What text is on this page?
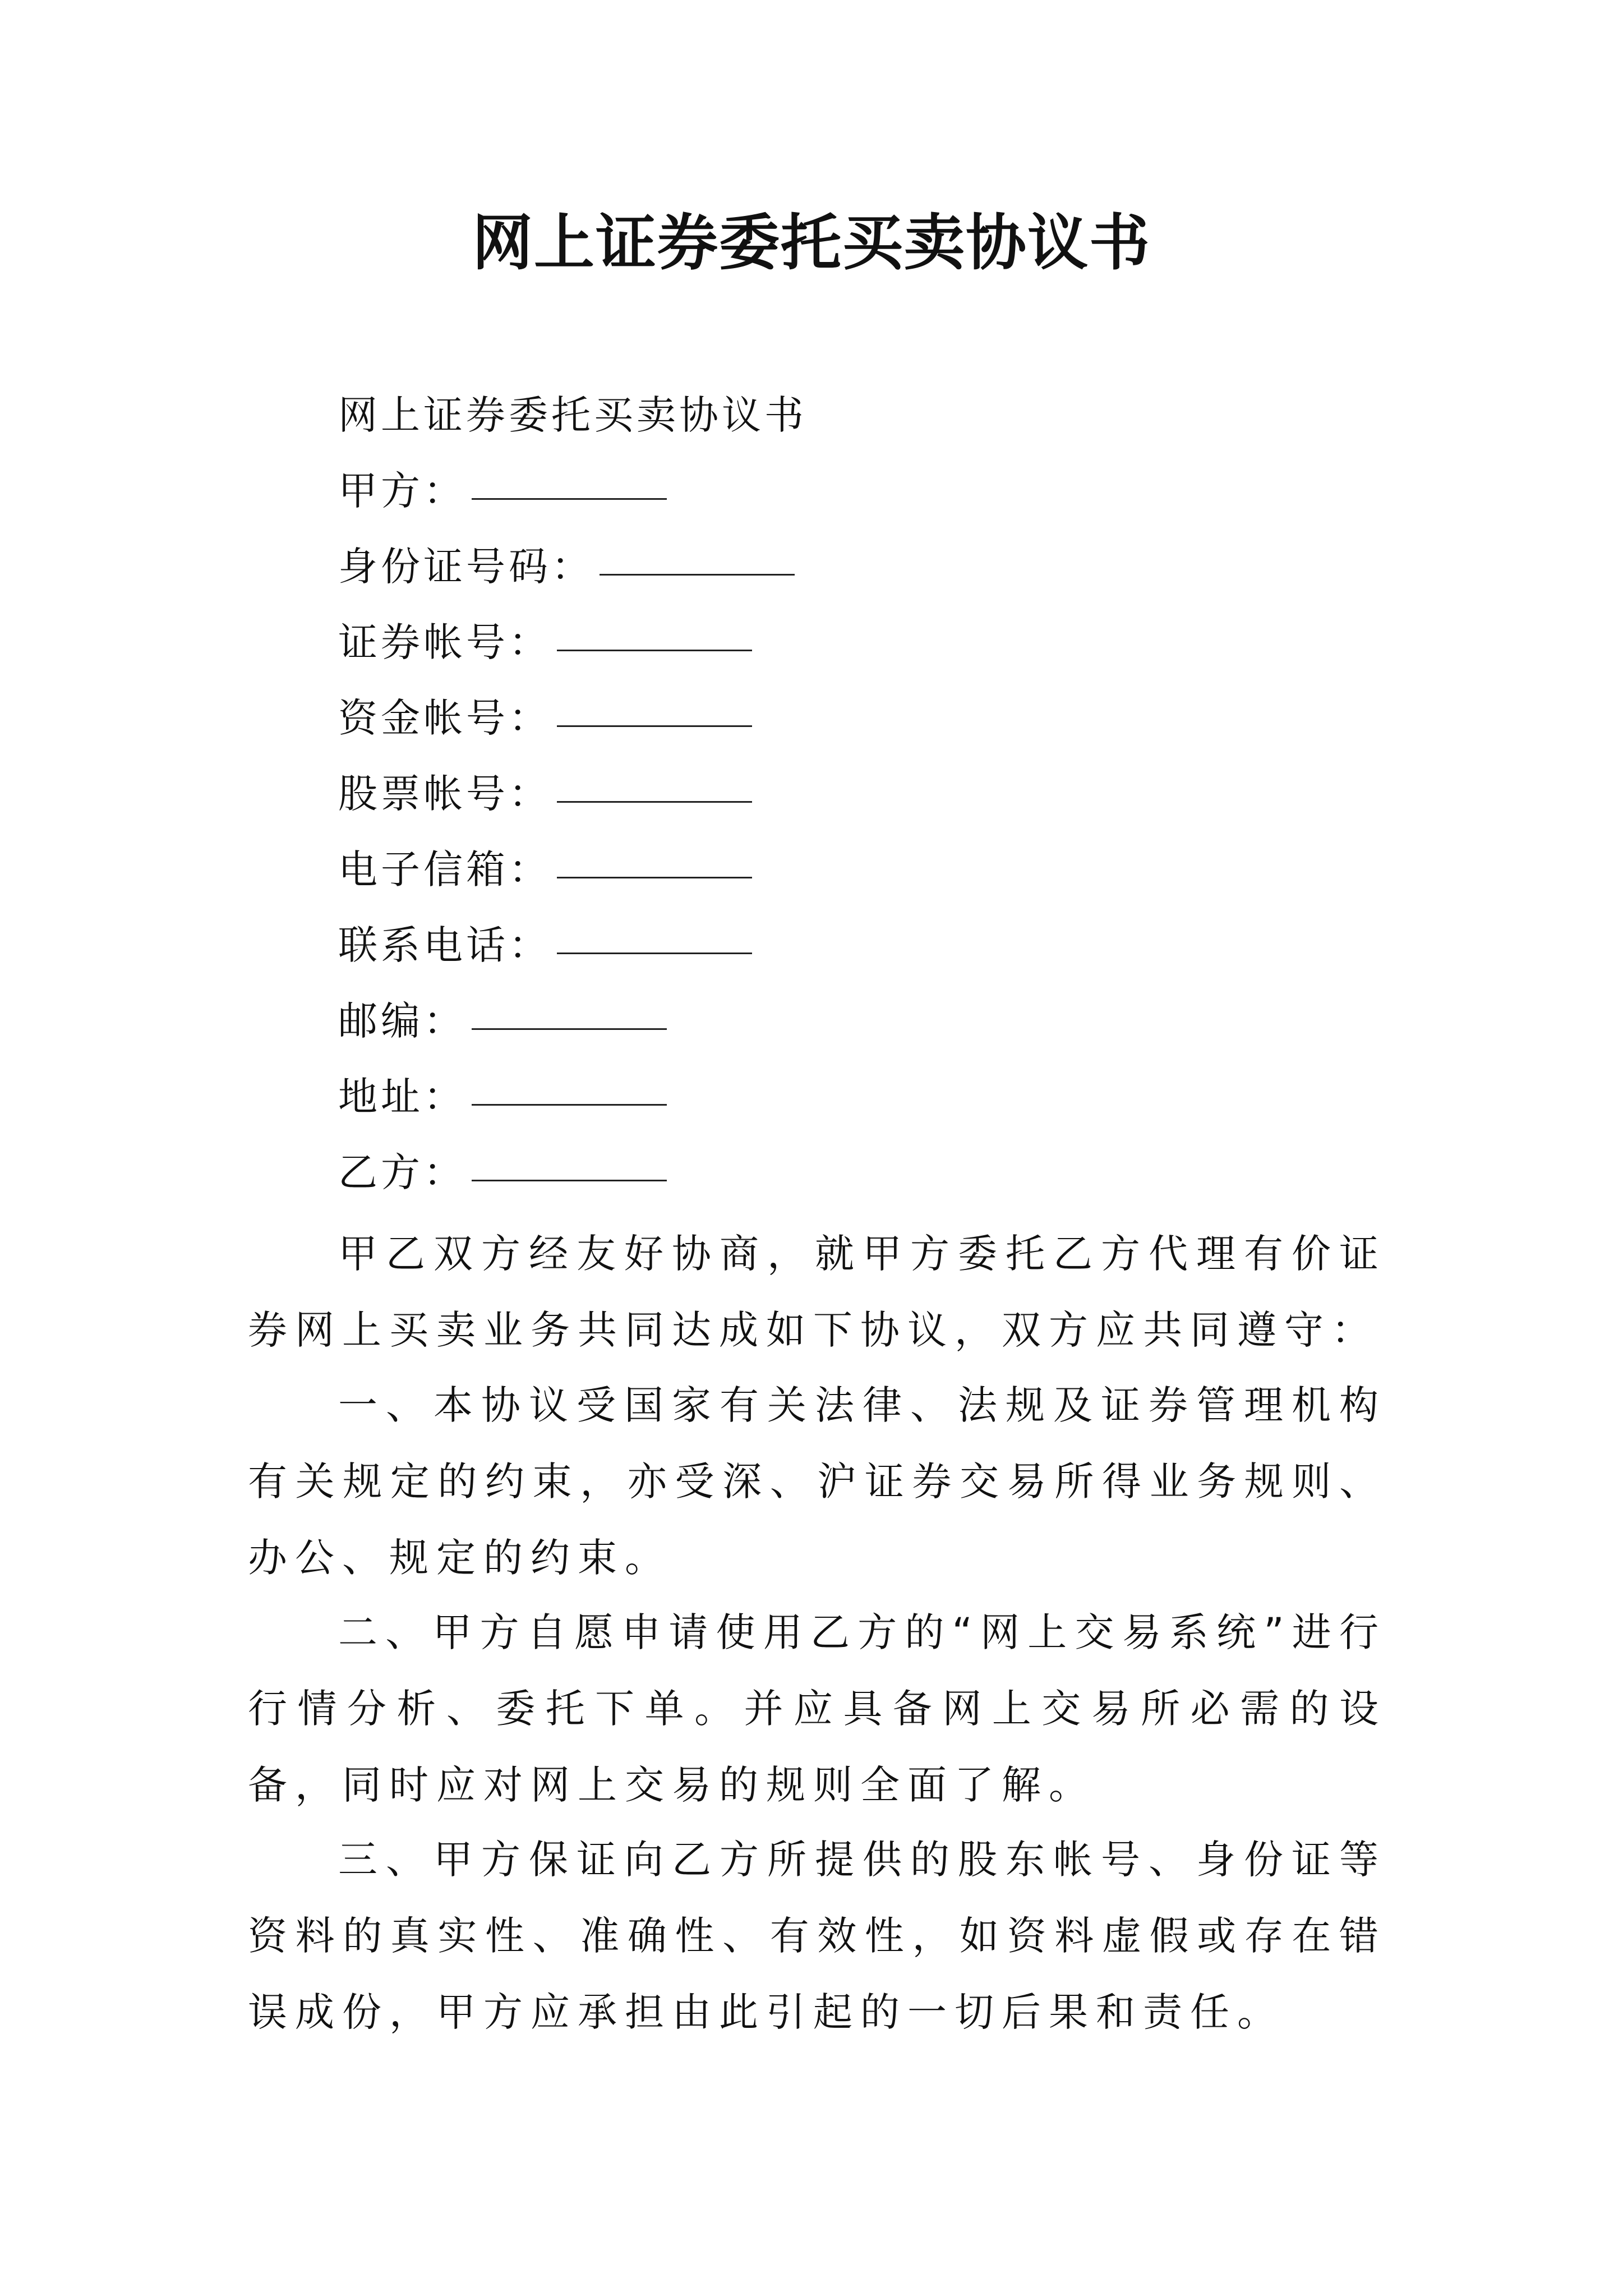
网上证券委托买卖协议书
网上证券委托买卖协议书
甲方：
身份证号码：
证券帐号：
资金帐号：
股票帐号：
电子信箱：
联系电话：
邮编：
地址：
乙方：

甲乙双方经友好协商，就甲方委托乙方代理有价证券网上买卖业务共同达成如下协议，双方应共同遵守：

一、本协议受国家有关法律、法规及证券管理机构有关规定的约束，亦受深、沪证券交易所得业务规则、办公、规定的约束。

二、甲方自愿申请使用乙方的“网上交易系统”进行行情分析、委托下单。并应具备网上交易所必需的设备，同时应对网上交易的规则全面了解。

三、甲方保证向乙方所提供的股东帐号、身份证等资料的真实性、准确性、有效性，如资料虚假或存在错误成份，甲方应承担由此引起的一切后果和责任。
